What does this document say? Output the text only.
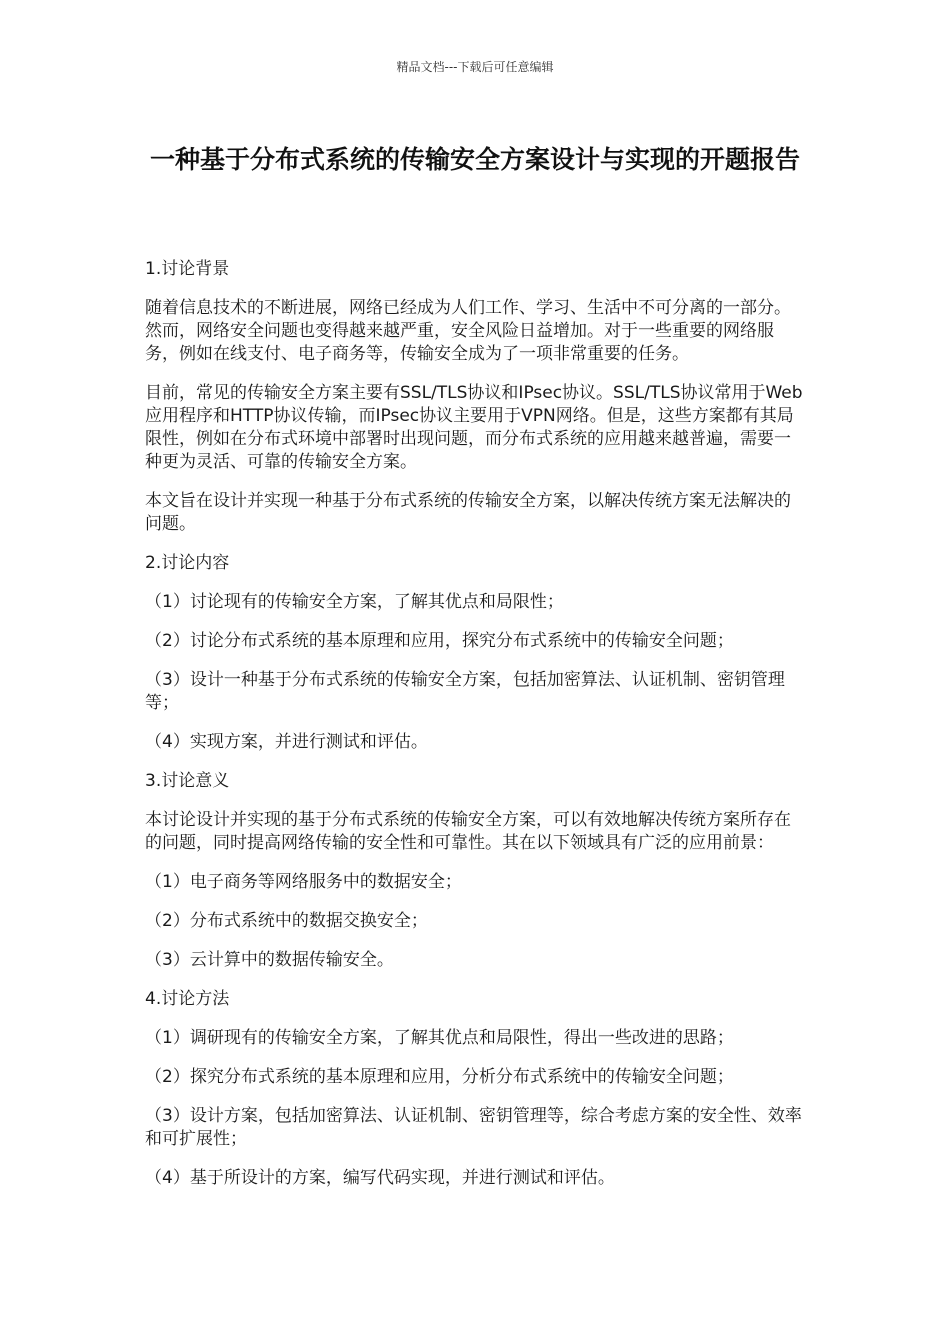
精品文档---下载后可任意编辑
一种基于分布式系统的传输安全方案设计与实现的开题报告

1.讨论背景

随着信息技术的不断进展，网络已经成为人们工作、学习、生活中不可分离的一部分。然而，网络安全问题也变得越来越严重，安全风险日益增加。对于一些重要的网络服务，例如在线支付、电子商务等，传输安全成为了一项非常重要的任务。

目前，常见的传输安全方案主要有SSL/TLS协议和IPsec协议。SSL/TLS协议常用于Web应用程序和HTTP协议传输，而IPsec协议主要用于VPN网络。但是，这些方案都有其局限性，例如在分布式环境中部署时出现问题，而分布式系统的应用越来越普遍，需要一种更为灵活、可靠的传输安全方案。

本文旨在设计并实现一种基于分布式系统的传输安全方案，以解决传统方案无法解决的问题。

2.讨论内容

（1）讨论现有的传输安全方案，了解其优点和局限性；

（2）讨论分布式系统的基本原理和应用，探究分布式系统中的传输安全问题；

（3）设计一种基于分布式系统的传输安全方案，包括加密算法、认证机制、密钥管理等；

（4）实现方案，并进行测试和评估。

3.讨论意义

本讨论设计并实现的基于分布式系统的传输安全方案，可以有效地解决传统方案所存在的问题，同时提高网络传输的安全性和可靠性。其在以下领域具有广泛的应用前景：

（1）电子商务等网络服务中的数据安全；

（2）分布式系统中的数据交换安全；

（3）云计算中的数据传输安全。

4.讨论方法

（1）调研现有的传输安全方案，了解其优点和局限性，得出一些改进的思路；

（2）探究分布式系统的基本原理和应用，分析分布式系统中的传输安全问题；

（3）设计方案，包括加密算法、认证机制、密钥管理等，综合考虑方案的安全性、效率和可扩展性；

（4）基于所设计的方案，编写代码实现，并进行测试和评估。
